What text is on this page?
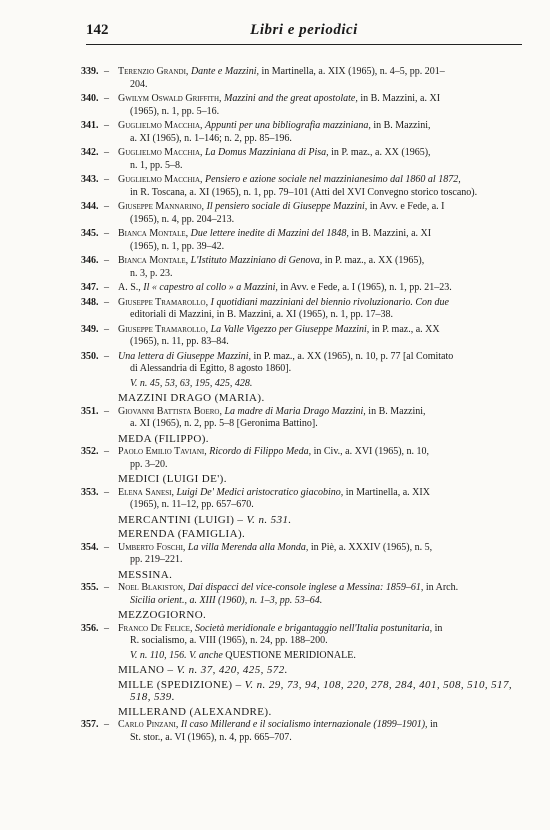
142	Libri e periodici
339. – Terenzio Grandi, Dante e Mazzini, in Martinella, a. XIX (1965), n. 4–5, pp. 201–
204.
340. – Gwilym Oswald Griffith, Mazzini and the great apostolate, in B. Mazzini, a. XI
(1965), n. 1, pp. 5–16.
341. – Guglielmo Macchia, Appunti per una bibliografia mazziniana, in B. Mazzini,
a. XI (1965), n. 1–146; n. 2, pp. 85–196.
342. – Guglielmo Macchia, La Domus Mazziniana di Pisa, in P. maz., a. XX (1965),
n. 1, pp. 5–8.
343. – Guglielmo Macchia, Pensiero e azione sociale nel mazzinianesimo dal 1860 al 1872,
in R. Toscana, a. XI (1965), n. 1, pp. 79–101 (Atti del XVI Convegno storico toscano).
344. – Giuseppe Mannarino, Il pensiero sociale di Giuseppe Mazzini, in Avv. e Fede, a. I
(1965), n. 4, pp. 204–213.
345. – Bianca Montale, Due lettere inedite di Mazzini del 1848, in B. Mazzini, a. XI
(1965), n. 1, pp. 39–42.
346. – Bianca Montale, L'Istituto Mazziniano di Genova, in P. maz., a. XX (1965),
n. 3, p. 23.
347. – A. S., Il « capestro al collo » a Mazzini, in Avv. e Fede, a. I (1965), n. 1, pp. 21–23.
348. – Giuseppe Tramarollo, I quotidiani mazziniani del biennio rivoluzionario. Con due
editoriali di Mazzini, in B. Mazzini, a. XI (1965), n. 1, pp. 17–38.
349. – Giuseppe Tramarollo, La Valle Vigezzo per Giuseppe Mazzini, in P. maz., a. XX
(1965), n. 11, pp. 83–84.
350. – Una lettera di Giuseppe Mazzini, in P. maz., a. XX (1965), n. 10, p. 77 [al Comitato
di Alessandria di Egitto, 8 agosto 1860].
V. n. 45, 53, 63, 195, 425, 428.
MAZZINI DRAGO (MARIA).
351. – Giovanni Battista Boero, La madre di Maria Drago Mazzini, in B. Mazzini,
a. XI (1965), n. 2, pp. 5–8 [Geronima Battino].
MEDA (FILIPPO).
352. – Paolo Emilio Taviani, Ricordo di Filippo Meda, in Civ., a. XVI (1965), n. 10,
pp. 3–20.
MEDICI (LUIGI DE').
353. – Elena Sanesi, Luigi De' Medici aristocratico giacobino, in Martinella, a. XIX
(1965), n. 11–12, pp. 657–670.
MERCANTINI (LUIGI) – V. n. 531.
MERENDA (FAMIGLIA).
354. – Umberto Foschi, La villa Merenda alla Monda, in Piè, a. XXXIV (1965), n. 5,
pp. 219–221.
MESSINA.
355. – Noel Blakiston, Dai dispacci del vice-console inglese a Messina: 1859–61, in Arch.
Sicilia orient., a. XIII (1960), n. 1–3, pp. 53–64.
MEZZOGIORNO.
356. – Franco De Felice, Società meridionale e brigantaggio nell'Italia postunitaria, in
R. socialismo, a. VIII (1965), n. 24, pp. 188–200.
V. n. 110, 156. V. anche QUESTIONE MERIDIONALE.
MILANO – V. n. 37, 420, 425, 572.
MILLE (SPEDIZIONE) – V. n. 29, 73, 94, 108, 220, 278, 284, 401, 508, 510, 517,
518, 539.
MILLERAND (ALEXANDRE).
357. – Carlo Pinzani, Il caso Millerand e il socialismo internazionale (1899–1901), in
St. stor., a. VI (1965), n. 4, pp. 665–707.
